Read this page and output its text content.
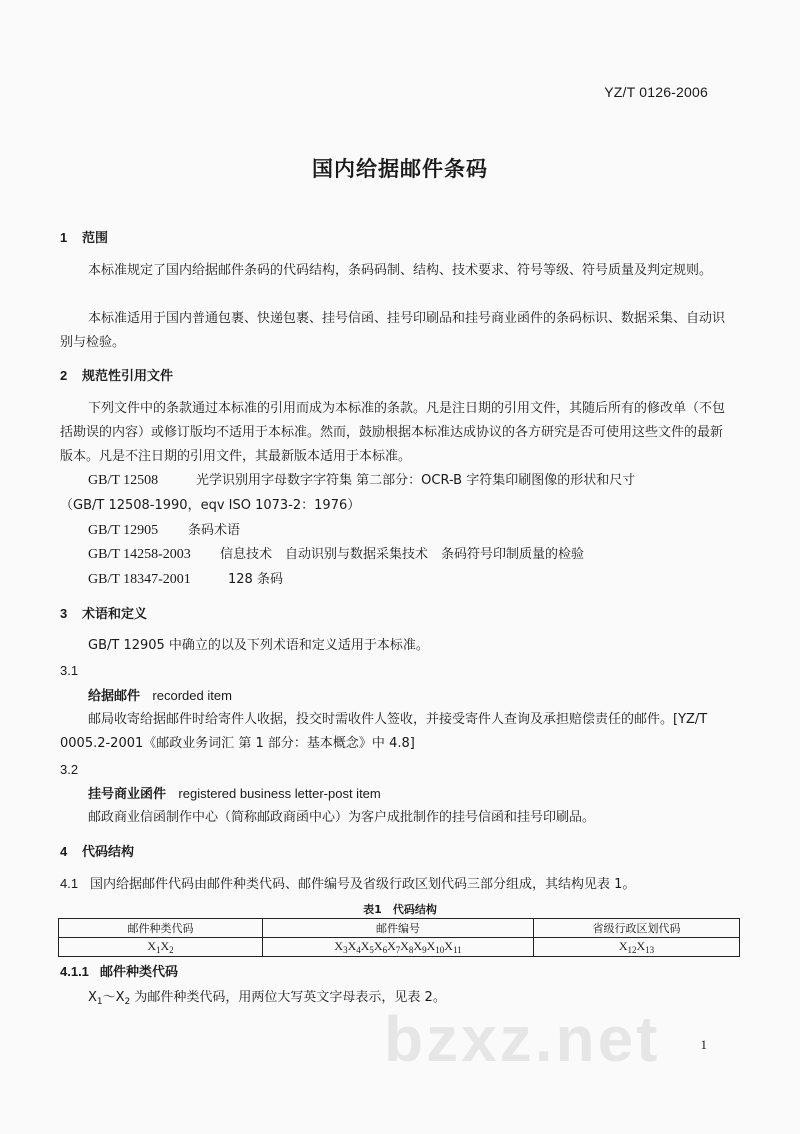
YZ/T 0126-2006
国内给据邮件条码
1 范围
本标准规定了国内给据邮件条码的代码结构，条码码制、结构、技术要求、符号等级、符号质量及判定规则。
本标准适用于国内普通包裹、快递包裹、挂号信函、挂号印刷品和挂号商业函件的条码标识、数据采集、自动识别与检验。
2 规范性引用文件
下列文件中的条款通过本标准的引用而成为本标准的条款。凡是注日期的引用文件，其随后所有的修改单（不包括勘误的内容）或修订版均不适用于本标准。然而，鼓励根据本标准达成协议的各方研究是否可使用这些文件的最新版本。凡是不注日期的引用文件，其最新版本适用于本标准。
GB/T 12508	光学识别用字母数字字符集 第二部分：OCR-B 字符集印刷图像的形状和尺寸
（GB/T 12508-1990，eqv ISO 1073-2：1976）
GB/T 12905 条码术语
GB/T 14258-2003 信息技术　自动识别与数据采集技术　条码符号印制质量的检验
GB/T 18347-2001	128 条码
3 术语和定义
GB/T 12905 中确立的以及下列术语和定义适用于本标准。
3.1
给据邮件 recorded item
邮局收寄给据邮件时给寄件人收据，投交时需收件人签收，并接受寄件人查询及承担赔偿责任的邮件。[YZ/T 0005.2-2001《邮政业务词汇 第 1 部分：基本概念》中 4.8]
3.2
挂号商业函件 registered business letter-post item
邮政商业信函制作中心（简称邮政商函中心）为客户成批制作的挂号信函和挂号印刷品。
4 代码结构
4.1 国内给据邮件代码由邮件种类代码、邮件编号及省级行政区划代码三部分组成，其结构见表 1。
表1　代码结构
邮件种类代码	邮件编号	省级行政区划代码
$X_1X_2$	$X_3X_4X_5X_6X_7X_8X_9X_{10}X_{11}$	$X_{12}X_{13}$
4.1.1 邮件种类代码
$X_1\sim X_2$ 为邮件种类代码，用两位大写英文字母表示，见表 2。
bzxz.net	1
